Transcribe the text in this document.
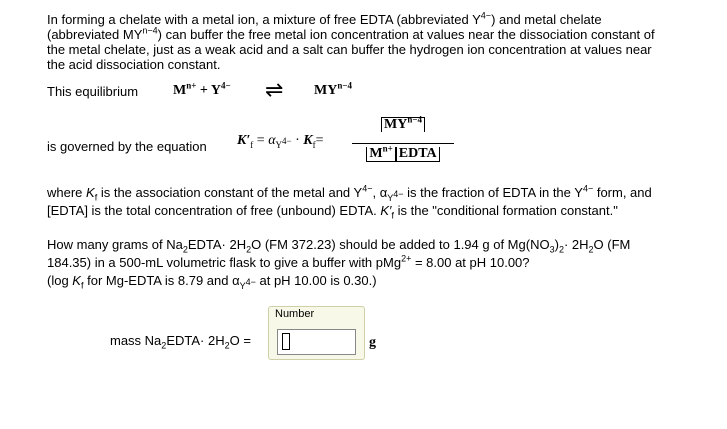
In forming a chelate with a metal ion, a mixture of free EDTA (abbreviated $Y^{4-}$) and metal chelate
(abbreviated $MY^{n-4}$) can buffer the free metal ion concentration at values near the dissociation constant of
the metal chelate, just as a weak acid and a salt can buffer the hydrogen ion concentration at values near
the acid dissociation constant.
This equilibrium $M^{n+} + Y^{4-}$ ⇌ $MY^{n-4}$
is governed by the equation $K'_f = \alpha_{Y^{4-}} \cdot K_f=$
$MY^{n-4}$
$M^{n+}$ EDTA
where $K_f$ is the association constant of the metal and $Y^{4-}$, $\alpha_{Y^{4-}}$ is the fraction of EDTA in the $Y^{4-}$ form, and
[EDTA] is the total concentration of free (unbound) EDTA. $K'_f$ is the "conditional formation constant."
How many grams of $Na_2EDTA\cdot 2H_2O$ (FM 372.23) should be added to 1.94 g of $Mg(NO_3)_2\cdot 2H_2O$ (FM
184.35) in a 500-mL volumetric flask to give a buffer with pMg$^{2+}$ = 8.00 at pH 10.00?
(log $K_f$ for Mg-EDTA is 8.79 and $\alpha_{Y^{4-}}$ at pH 10.00 is 0.30.)
mass $Na_2EDTA\cdot 2H_2O$ =
Number
g
